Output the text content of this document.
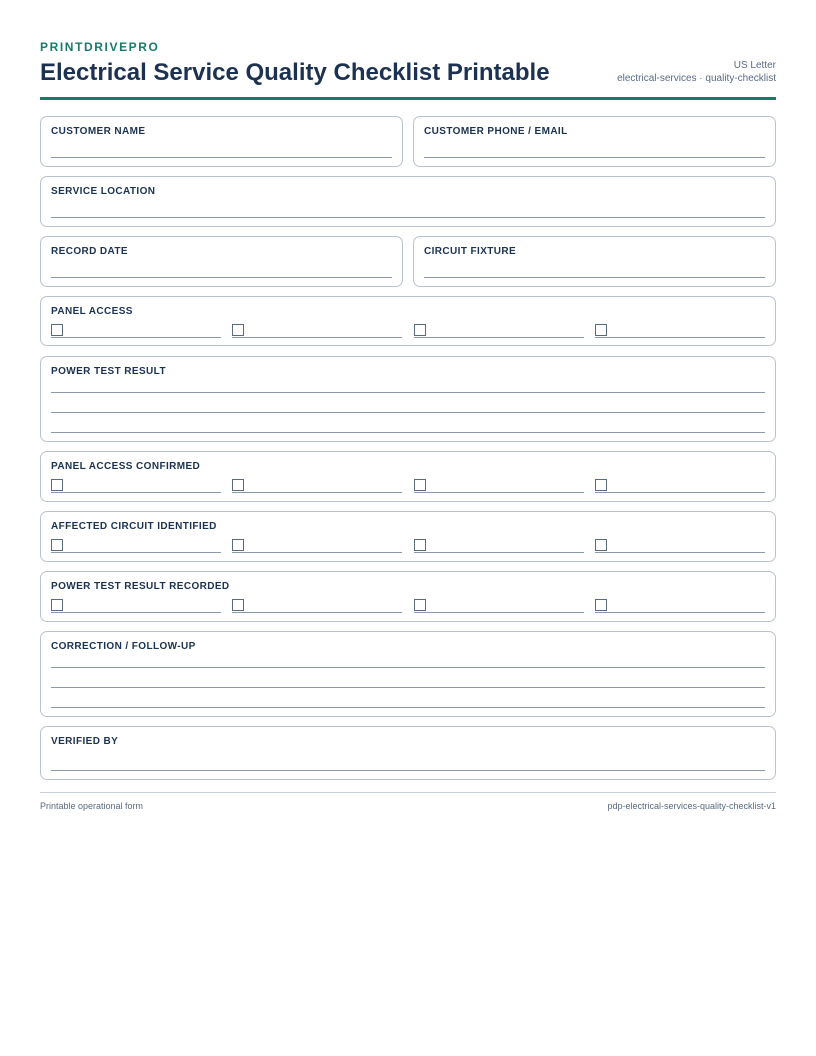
PRINTDRIVEPRO
Electrical Service Quality Checklist Printable	US Letter
electrical-services · quality-checklist
CUSTOMER NAME	CUSTOMER PHONE / EMAIL
SERVICE LOCATION
RECORD DATE	CIRCUIT FIXTURE
PANEL ACCESS
POWER TEST RESULT
PANEL ACCESS CONFIRMED
AFFECTED CIRCUIT IDENTIFIED
POWER TEST RESULT RECORDED
CORRECTION / FOLLOW-UP
VERIFIED BY
Printable operational form	pdp-electrical-services-quality-checklist-v1
